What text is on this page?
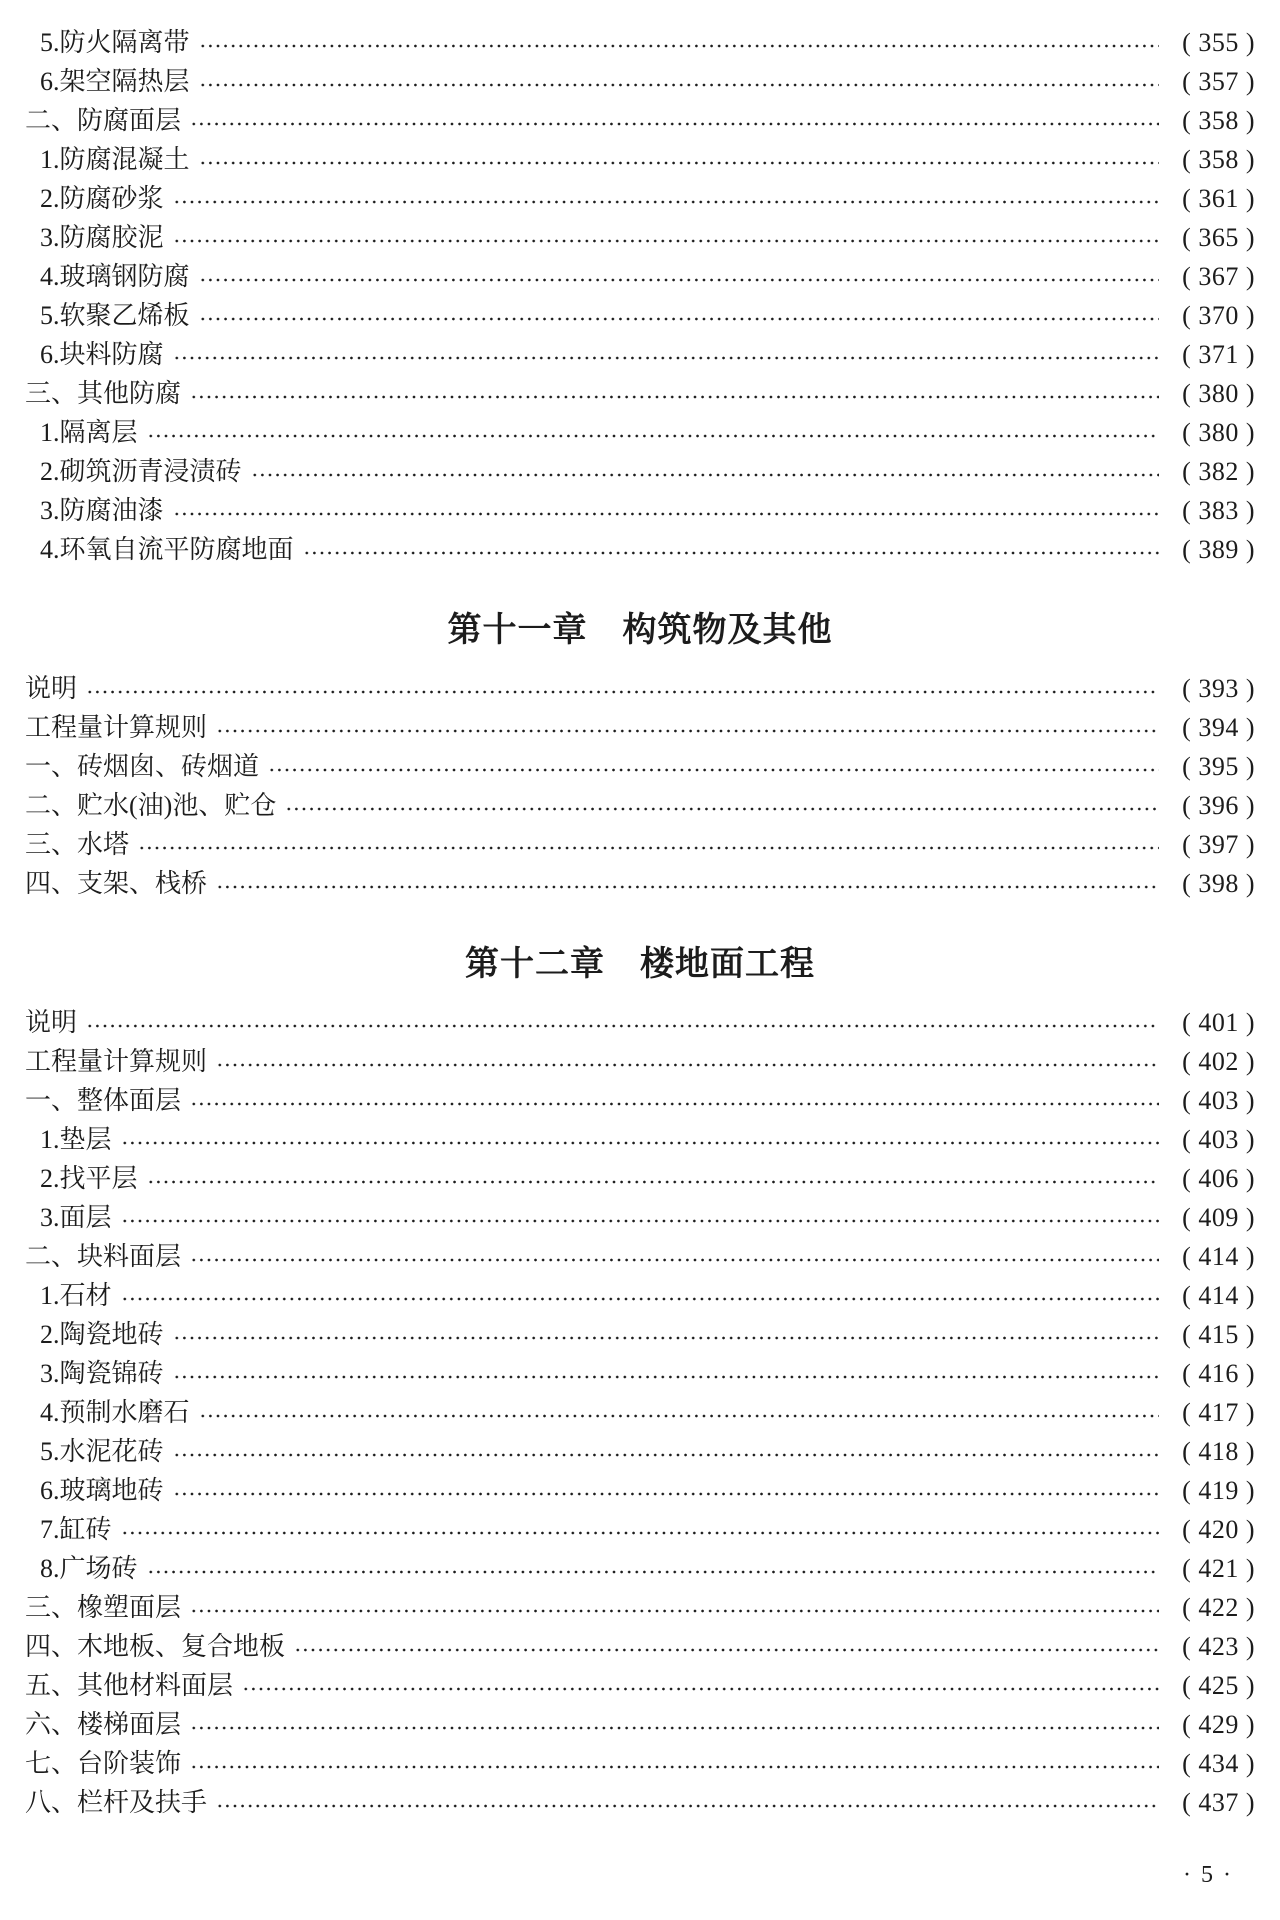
5.防火隔离带	( 355 )
6.架空隔热层	( 357 )
二、防腐面层	( 358 )
1.防腐混凝土	( 358 )
2.防腐砂浆	( 361 )
3.防腐胶泥	( 365 )
4.玻璃钢防腐	( 367 )
5.软聚乙烯板	( 370 )
6.块料防腐	( 371 )
三、其他防腐	( 380 )
1.隔离层	( 380 )
2.砌筑沥青浸渍砖	( 382 )
3.防腐油漆	( 383 )
4.环氧自流平防腐地面	( 389 )
第十一章　构筑物及其他
说明	( 393 )
工程量计算规则	( 394 )
一、砖烟囱、砖烟道	( 395 )
二、贮水(油)池、贮仓	( 396 )
三、水塔	( 397 )
四、支架、栈桥	( 398 )
第十二章　楼地面工程
说明	( 401 )
工程量计算规则	( 402 )
一、整体面层	( 403 )
1.垫层	( 403 )
2.找平层	( 406 )
3.面层	( 409 )
二、块料面层	( 414 )
1.石材	( 414 )
2.陶瓷地砖	( 415 )
3.陶瓷锦砖	( 416 )
4.预制水磨石	( 417 )
5.水泥花砖	( 418 )
6.玻璃地砖	( 419 )
7.缸砖	( 420 )
8.广场砖	( 421 )
三、橡塑面层	( 422 )
四、木地板、复合地板	( 423 )
五、其他材料面层	( 425 )
六、楼梯面层	( 429 )
七、台阶装饰	( 434 )
八、栏杆及扶手	( 437 )
· 5 ·
